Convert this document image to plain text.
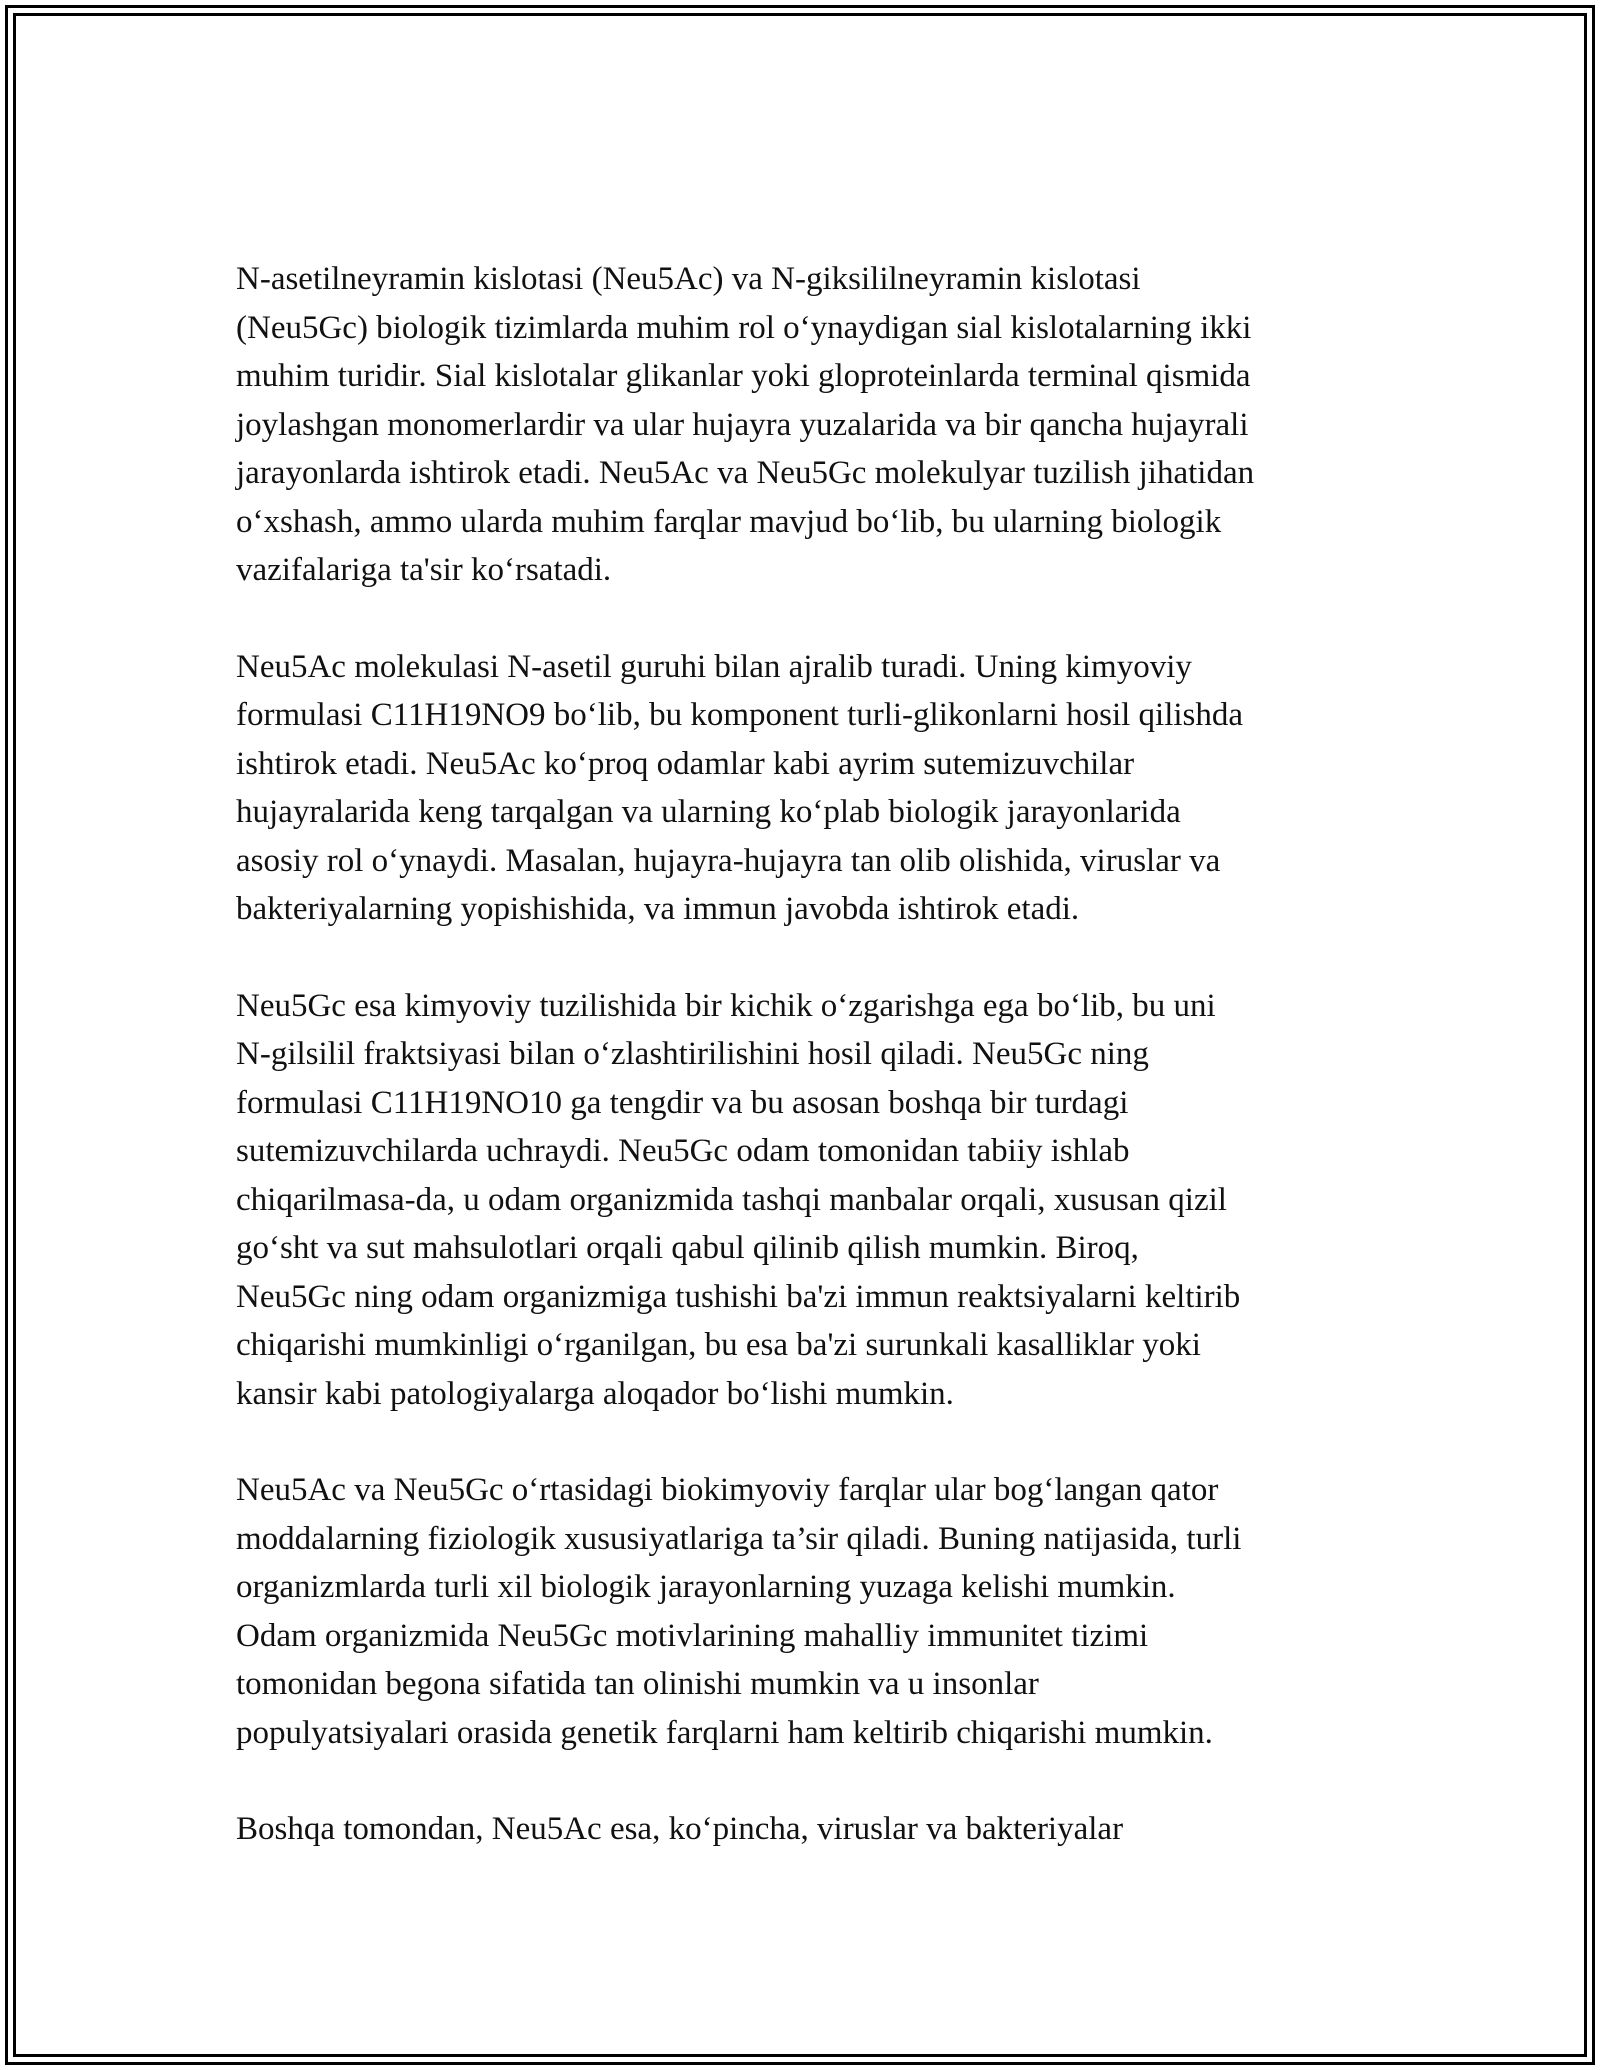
N-asetilneyramin kislotasi (Neu5Ac) va N-giksililneyramin kislotasi
(Neu5Gc) biologik tizimlarda muhim rol o‘ynaydigan sial kislotalarning ikki
muhim turidir. Sial kislotalar glikanlar yoki gloproteinlarda terminal qismida
joylashgan monomerlardir va ular hujayra yuzalarida va bir qancha hujayrali
jarayonlarda ishtirok etadi. Neu5Ac va Neu5Gc molekulyar tuzilish jihatidan
o‘xshash, ammo ularda muhim farqlar mavjud bo‘lib, bu ularning biologik
vazifalariga ta'sir ko‘rsatadi.
Neu5Ac molekulasi N-asetil guruhi bilan ajralib turadi. Uning kimyoviy
formulasi C11H19NO9 bo‘lib, bu komponent turli-glikonlarni hosil qilishda
ishtirok etadi. Neu5Ac ko‘proq odamlar kabi ayrim sutemizuvchilar
hujayralarida keng tarqalgan va ularning ko‘plab biologik jarayonlarida
asosiy rol o‘ynaydi. Masalan, hujayra-hujayra tan olib olishida, viruslar va
bakteriyalarning yopishishida, va immun javobda ishtirok etadi.
Neu5Gc esa kimyoviy tuzilishida bir kichik o‘zgarishga ega bo‘lib, bu uni
N-gilsilil fraktsiyasi bilan o‘zlashtirilishini hosil qiladi. Neu5Gc ning
formulasi C11H19NO10 ga tengdir va bu asosan boshqa bir turdagi
sutemizuvchilarda uchraydi. Neu5Gc odam tomonidan tabiiy ishlab
chiqarilmasa-da, u odam organizmida tashqi manbalar orqali, xususan qizil
go‘sht va sut mahsulotlari orqali qabul qilinib qilish mumkin. Biroq,
Neu5Gc ning odam organizmiga tushishi ba'zi immun reaktsiyalarni keltirib
chiqarishi mumkinligi o‘rganilgan, bu esa ba'zi surunkali kasalliklar yoki
kansir kabi patologiyalarga aloqador bo‘lishi mumkin.
Neu5Ac va Neu5Gc o‘rtasidagi biokimyoviy farqlar ular bog‘langan qator
moddalarning fiziologik xususiyatlariga ta’sir qiladi. Buning natijasida, turli
organizmlarda turli xil biologik jarayonlarning yuzaga kelishi mumkin.
Odam organizmida Neu5Gc motivlarining mahalliy immunitet tizimi
tomonidan begona sifatida tan olinishi mumkin va u insonlar
populyatsiyalari orasida genetik farqlarni ham keltirib chiqarishi mumkin.
Boshqa tomondan, Neu5Ac esa, ko‘pincha, viruslar va bakteriyalar
